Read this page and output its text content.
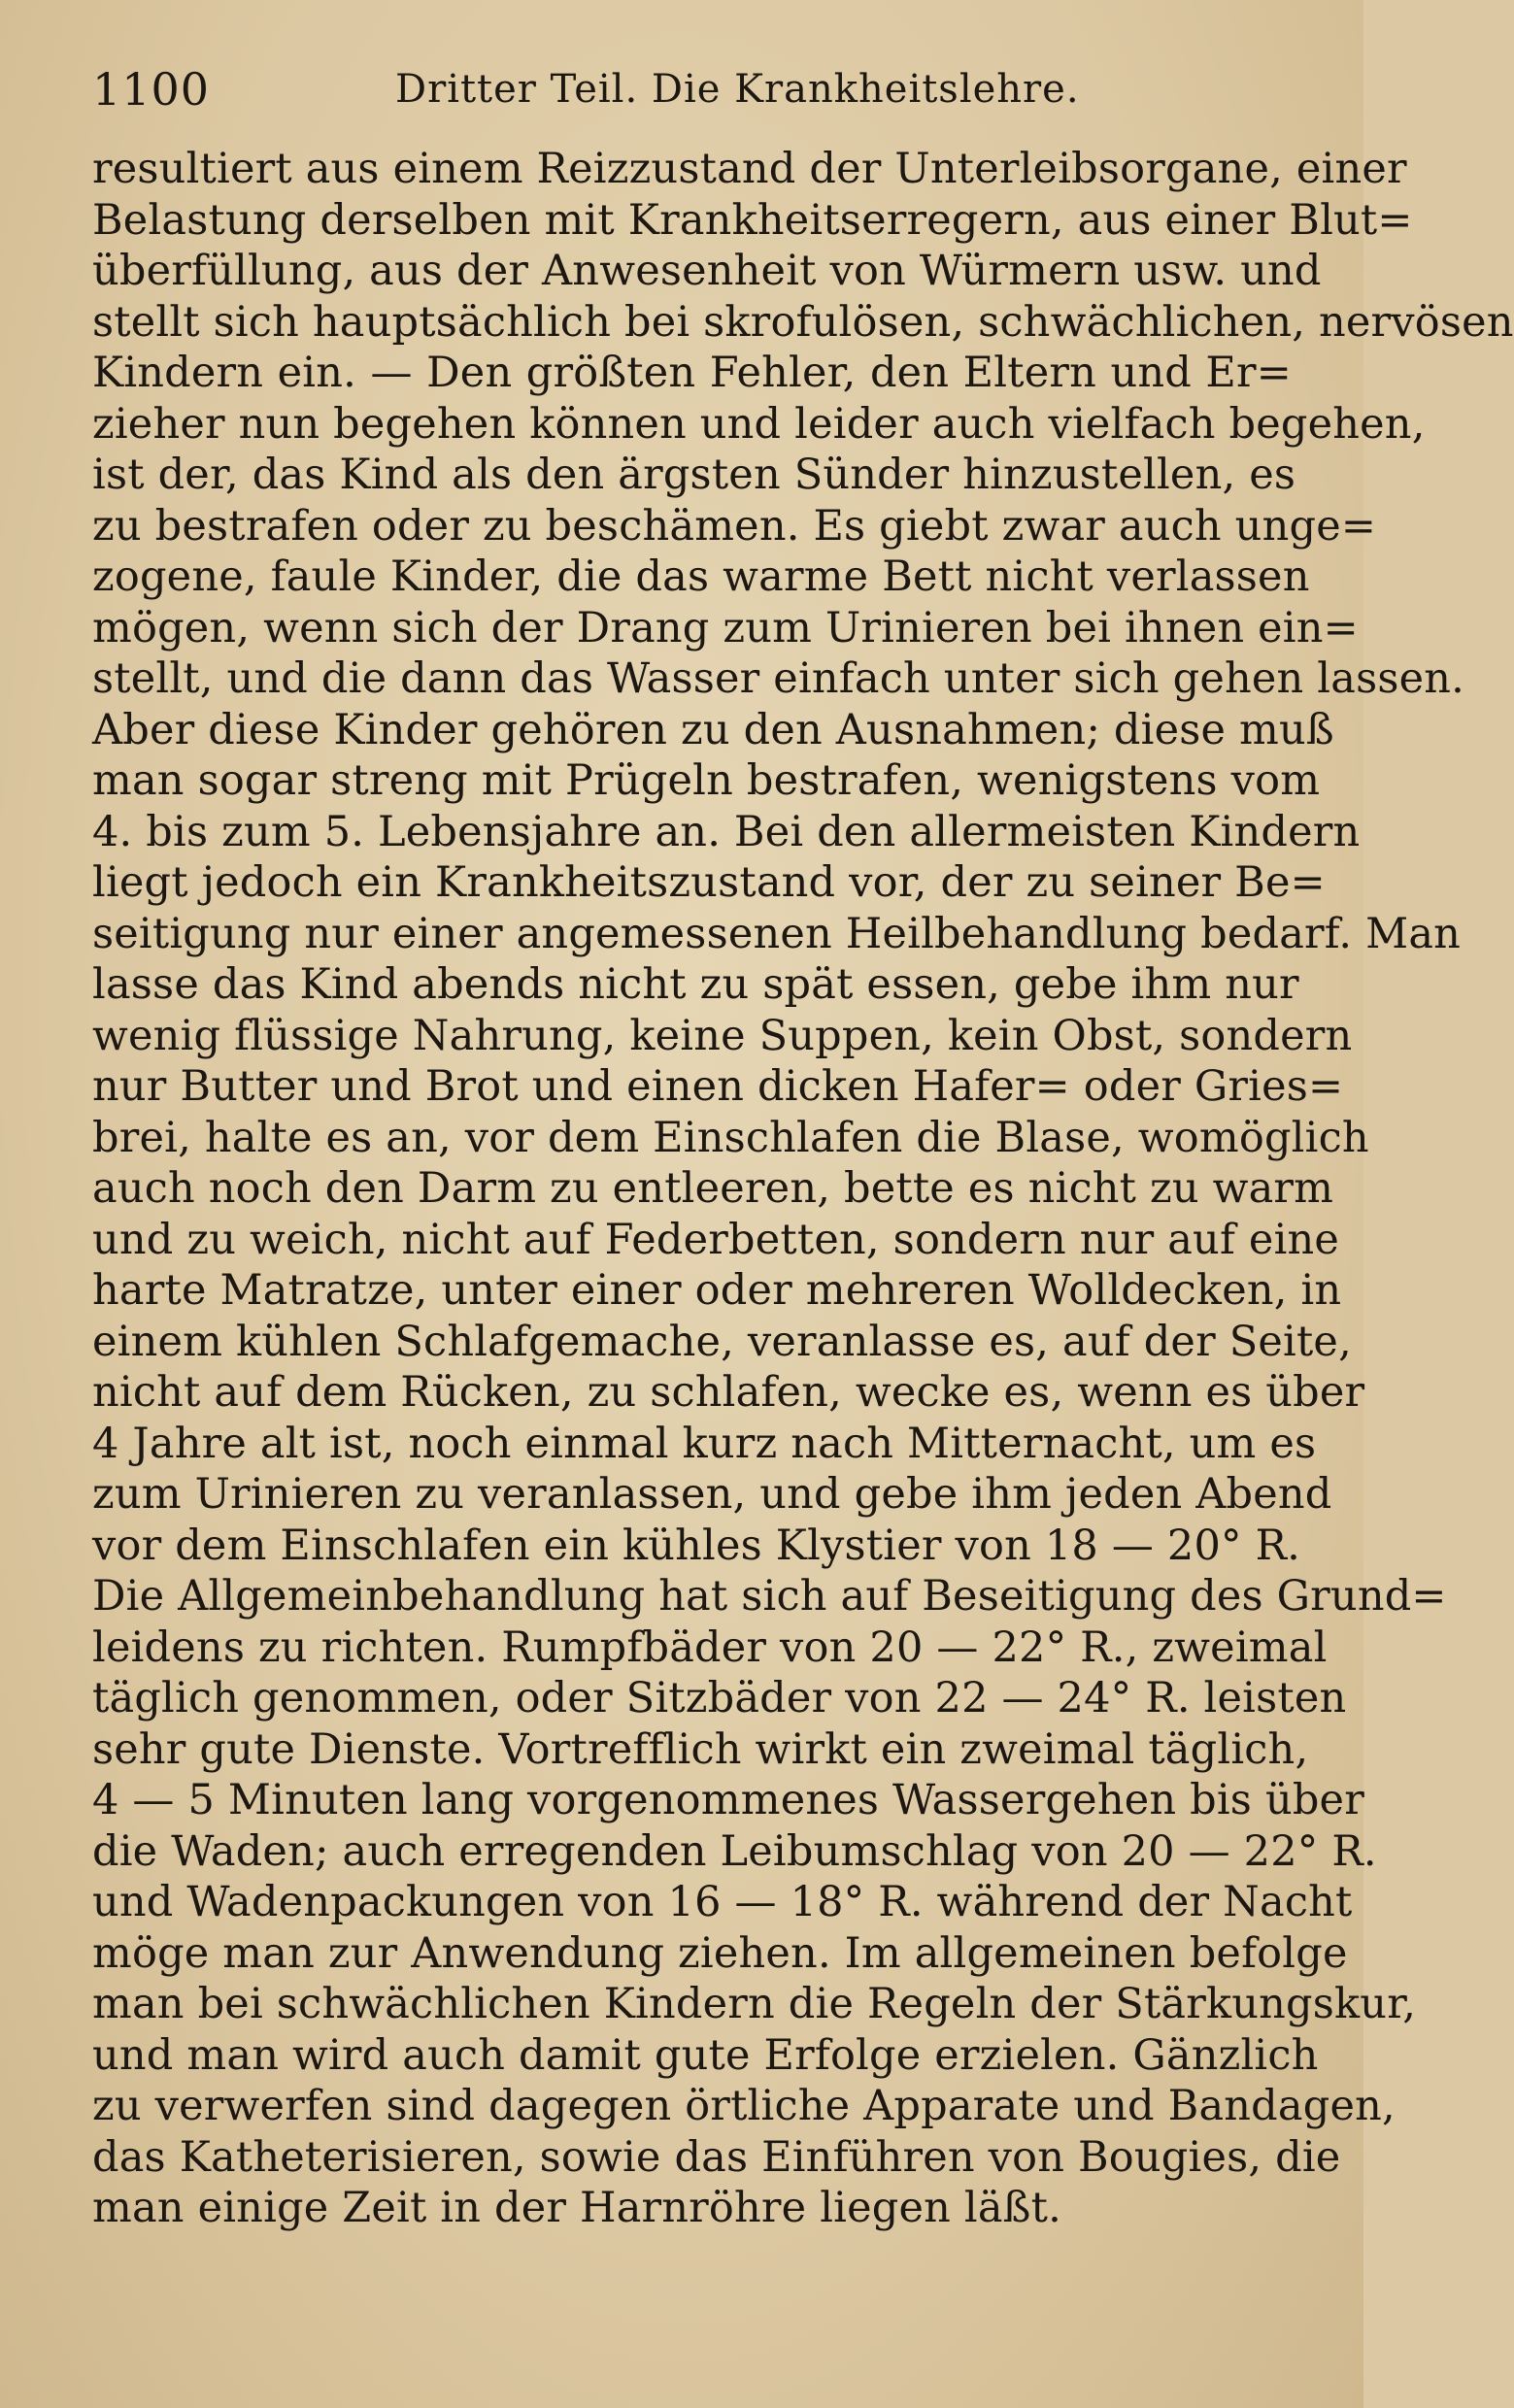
1100	Dritter Teil. Die Krankheitslehre.
resultiert aus einem Reizzustand der Unterleibsorgane, einer
Belastung derselben mit Krankheitserregern, aus einer Blut=
überfüllung, aus der Anwesenheit von Würmern usw. und
stellt sich hauptsächlich bei skrofulösen, schwächlichen, nervösen
Kindern ein. — Den größten Fehler, den Eltern und Er=
zieher nun begehen können und leider auch vielfach begehen,
ist der, das Kind als den ärgsten Sünder hinzustellen, es
zu bestrafen oder zu beschämen. Es giebt zwar auch unge=
zogene, faule Kinder, die das warme Bett nicht verlassen
mögen, wenn sich der Drang zum Urinieren bei ihnen ein=
stellt, und die dann das Wasser einfach unter sich gehen lassen.
Aber diese Kinder gehören zu den Ausnahmen; diese muß
man sogar streng mit Prügeln bestrafen, wenigstens vom
4. bis zum 5. Lebensjahre an. Bei den allermeisten Kindern
liegt jedoch ein Krankheitszustand vor, der zu seiner Be=
seitigung nur einer angemessenen Heilbehandlung bedarf. Man
lasse das Kind abends nicht zu spät essen, gebe ihm nur
wenig flüssige Nahrung, keine Suppen, kein Obst, sondern
nur Butter und Brot und einen dicken Hafer= oder Gries=
brei, halte es an, vor dem Einschlafen die Blase, womöglich
auch noch den Darm zu entleeren, bette es nicht zu warm
und zu weich, nicht auf Federbetten, sondern nur auf eine
harte Matratze, unter einer oder mehreren Wolldecken, in
einem kühlen Schlafgemache, veranlasse es, auf der Seite,
nicht auf dem Rücken, zu schlafen, wecke es, wenn es über
4 Jahre alt ist, noch einmal kurz nach Mitternacht, um es
zum Urinieren zu veranlassen, und gebe ihm jeden Abend
vor dem Einschlafen ein kühles Klystier von 18 — 20° R.
Die Allgemeinbehandlung hat sich auf Beseitigung des Grund=
leidens zu richten. Rumpfbäder von 20 — 22° R., zweimal
täglich genommen, oder Sitzbäder von 22 — 24° R. leisten
sehr gute Dienste. Vortrefflich wirkt ein zweimal täglich,
4 — 5 Minuten lang vorgenommenes Wassergehen bis über
die Waden; auch erregenden Leibumschlag von 20 — 22° R.
und Wadenpackungen von 16 — 18° R. während der Nacht
möge man zur Anwendung ziehen. Im allgemeinen befolge
man bei schwächlichen Kindern die Regeln der Stärkungskur,
und man wird auch damit gute Erfolge erzielen. Gänzlich
zu verwerfen sind dagegen örtliche Apparate und Bandagen,
das Katheterisieren, sowie das Einführen von Bougies, die
man einige Zeit in der Harnröhre liegen läßt.
